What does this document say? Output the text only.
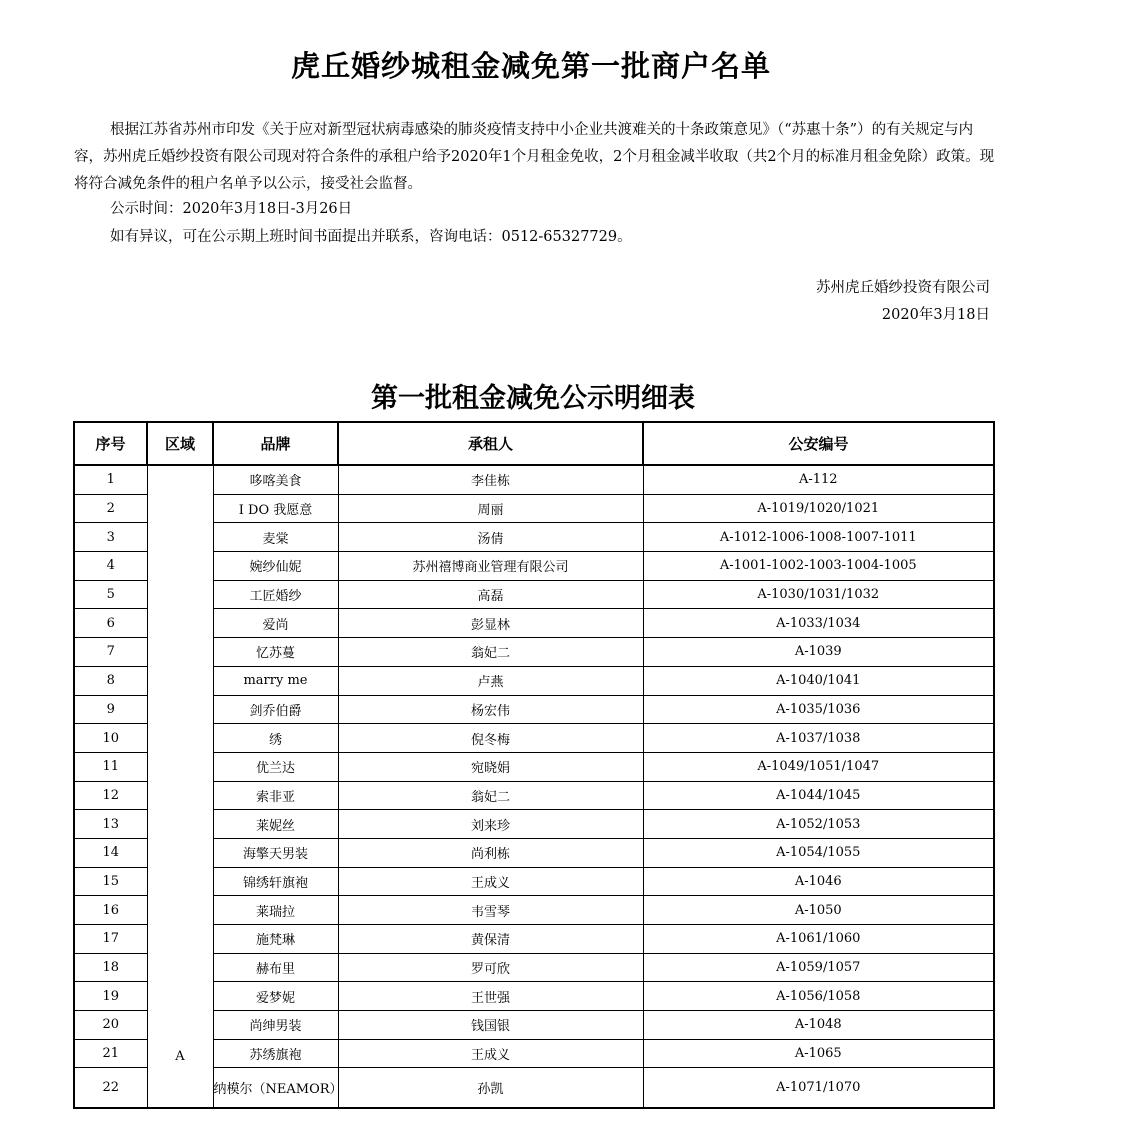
虎丘婚纱城租金减免第一批商户名单
根据江苏省苏州市印发《关于应对新型冠状病毒感染的肺炎疫情支持中小企业共渡难关的十条政策意见》（“苏惠十条”）的有关规定与内容，苏州虎丘婚纱投资有限公司现对符合条件的承租户给予2020年1个月租金免收，2个月租金减半收取（共2个月的标准月租金免除）政策。现将符合减免条件的租户名单予以公示，接受社会监督。
公示时间：2020年3月18日-3月26日
如有异议，可在公示期上班时间书面提出并联系，咨询电话：0512-65327729。
苏州虎丘婚纱投资有限公司
2020年3月18日
第一批租金减免公示明细表
序号	区域	品牌	承租人	公安编号
1	A	哆喀美食	李佳栋	A-112
2		I DO 我愿意	周丽	A-1019/1020/1021
3		麦棠	汤倩	A-1012-1006-1008-1007-1011
4		婉纱仙妮	苏州禧博商业管理有限公司	A-1001-1002-1003-1004-1005
5		工匠婚纱	高磊	A-1030/1031/1032
6		爱尚	彭显林	A-1033/1034
7		忆苏蔓	翁妃二	A-1039
8		marry me	卢燕	A-1040/1041
9		剑乔伯爵	杨宏伟	A-1035/1036
10		绣	倪冬梅	A-1037/1038
11		优兰达	宛晓娟	A-1049/1051/1047
12		索非亚	翁妃二	A-1044/1045
13		莱妮丝	刘来珍	A-1052/1053
14		海擎天男装	尚利栋	A-1054/1055
15		锦绣轩旗袍	王成义	A-1046
16		莱瑞拉	韦雪琴	A-1050
17		施梵琳	黄保清	A-1061/1060
18		赫布里	罗可欣	A-1059/1057
19		爱梦妮	王世强	A-1056/1058
20		尚绅男装	钱国银	A-1048
21		苏绣旗袍	王成义	A-1065
22		纳模尔（NEAMOR）	孙凯	A-1071/1070
